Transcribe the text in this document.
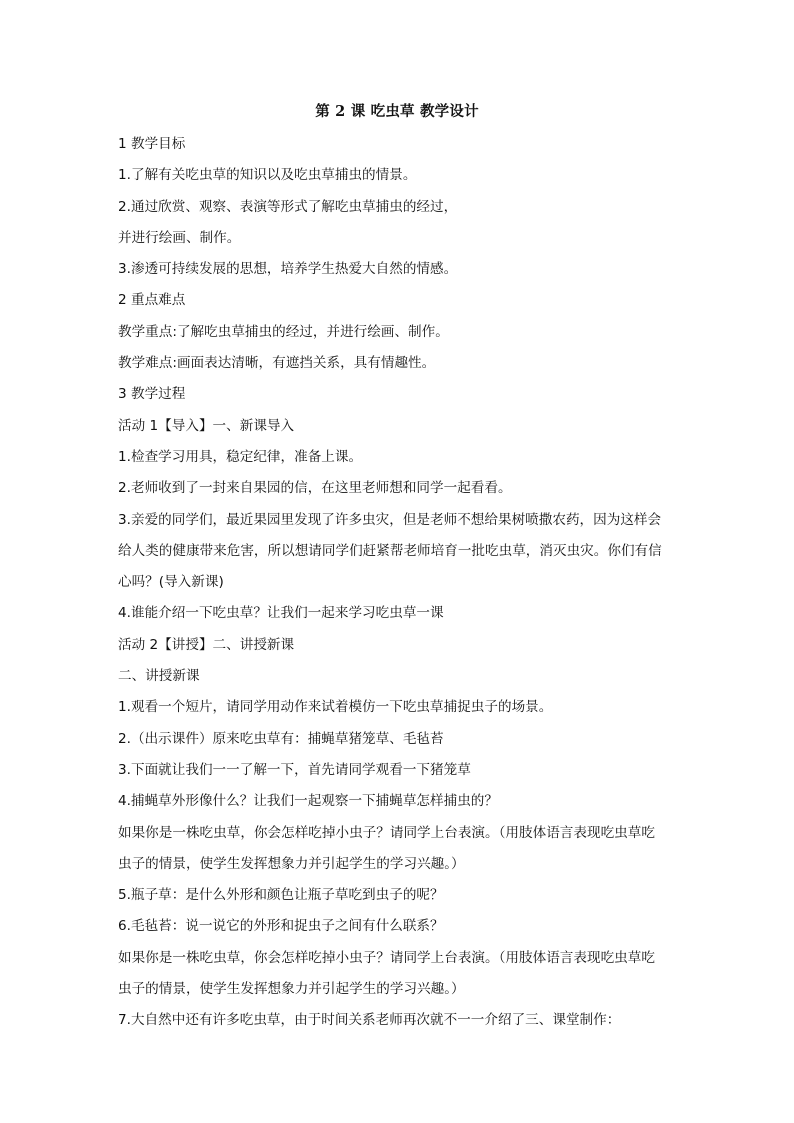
第 2 课 吃虫草 教学设计
1 教学目标
1.了解有关吃虫草的知识以及吃虫草捕虫的情景。
2.通过欣赏、观察、表演等形式了解吃虫草捕虫的经过，
并进行绘画、制作。
3.渗透可持续发展的思想，培养学生热爱大自然的情感。
2 重点难点
教学重点:了解吃虫草捕虫的经过，并进行绘画、制作。
教学难点:画面表达清晰，有遮挡关系，具有情趣性。
3 教学过程
活动 1【导入】一、新课导入
1.检查学习用具，稳定纪律，准备上课。
2.老师收到了一封来自果园的信，在这里老师想和同学一起看看。
3.亲爱的同学们，最近果园里发现了许多虫灾，但是老师不想给果树喷撒农药，因为这样会
给人类的健康带来危害，所以想请同学们赶紧帮老师培育一批吃虫草，消灭虫灾。你们有信
心吗？(导入新课)
4.谁能介绍一下吃虫草？让我们一起来学习吃虫草一课
活动 2【讲授】二、讲授新课
二、讲授新课
1.观看一个短片，请同学用动作来试着模仿一下吃虫草捕捉虫子的场景。
2.（出示课件）原来吃虫草有：捕蝇草猪笼草、毛毡苔
3.下面就让我们一一了解一下，首先请同学观看一下猪笼草
4.捕蝇草外形像什么？让我们一起观察一下捕蝇草怎样捕虫的？
如果你是一株吃虫草，你会怎样吃掉小虫子？请同学上台表演。（用肢体语言表现吃虫草吃
虫子的情景，使学生发挥想象力并引起学生的学习兴趣。）
5.瓶子草：是什么外形和颜色让瓶子草吃到虫子的呢？
6.毛毡苔：说一说它的外形和捉虫子之间有什么联系？
如果你是一株吃虫草，你会怎样吃掉小虫子？请同学上台表演。（用肢体语言表现吃虫草吃
虫子的情景，使学生发挥想象力并引起学生的学习兴趣。）
7.大自然中还有许多吃虫草，由于时间关系老师再次就不一一介绍了三、课堂制作：
